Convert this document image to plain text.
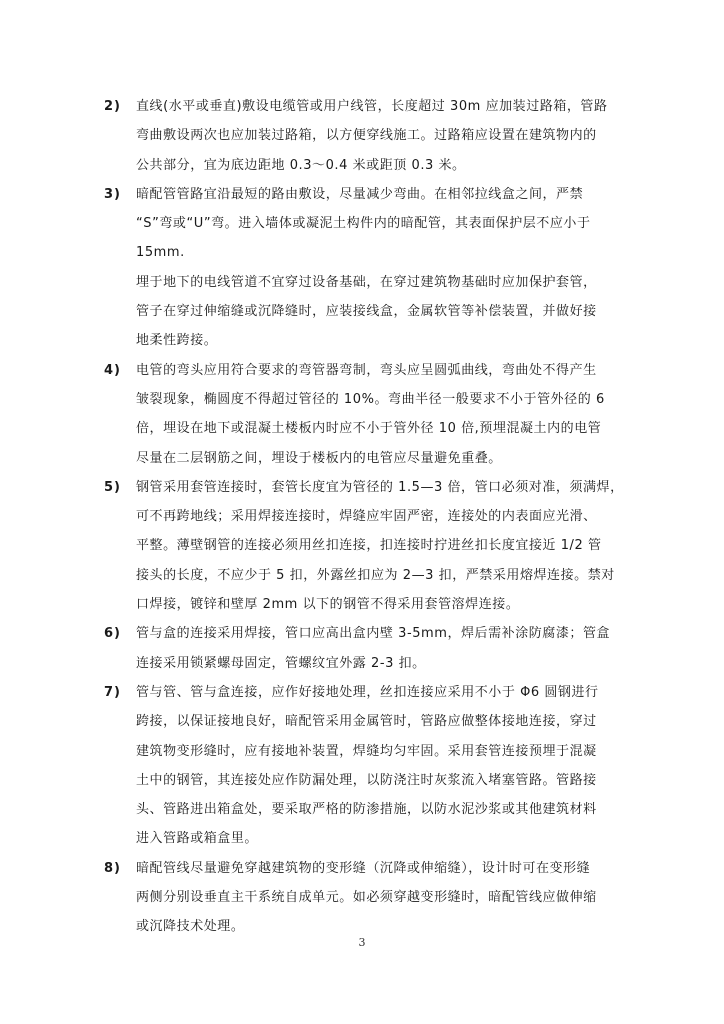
2)	直线(水平或垂直)敷设电缆管或用户线管，长度超过 30m 应加装过路箱，管路
弯曲敷设两次也应加装过路箱，以方便穿线施工。过路箱应设置在建筑物内的
公共部分，宜为底边距地 0.3～0.4 米或距顶 0.3 米。
3)	暗配管管路宜沿最短的路由敷设，尽量减少弯曲。在相邻拉线盒之间，严禁
“S”弯或“U”弯。进入墙体或凝泥土构件内的暗配管，其表面保护层不应小于
15mm.
埋于地下的电线管道不宜穿过设备基础，在穿过建筑物基础时应加保护套管，
管子在穿过伸缩缝或沉降缝时，应装接线盒，金属软管等补偿装置，并做好接
地柔性跨接。
4)	电管的弯头应用符合要求的弯管器弯制，弯头应呈圆弧曲线，弯曲处不得产生
皱裂现象，椭圆度不得超过管径的 10%。弯曲半径一般要求不小于管外径的 6
倍，埋设在地下或混凝土楼板内时应不小于管外径 10 倍,预埋混凝土内的电管
尽量在二层钢筋之间，埋设于楼板内的电管应尽量避免重叠。
5)	钢管采用套管连接时，套管长度宜为管径的 1.5—3 倍，管口必须对准，须满焊，
可不再跨地线；采用焊接连接时，焊缝应牢固严密，连接处的内表面应光滑、
平整。薄壁钢管的连接必须用丝扣连接，扣连接时拧进丝扣长度宜接近 1/2 管
接头的长度，不应少于 5 扣，外露丝扣应为 2—3 扣，严禁采用熔焊连接。禁对
口焊接，镀锌和壁厚 2mm 以下的钢管不得采用套管溶焊连接。
6)	管与盒的连接采用焊接，管口应高出盒内壁 3-5mm，焊后需补涂防腐漆；管盒
连接采用锁紧螺母固定，管螺纹宜外露 2-3 扣。
7)	管与管、管与盒连接，应作好接地处理，丝扣连接应采用不小于 Φ6 圆钢进行
跨接，以保证接地良好，暗配管采用金属管时，管路应做整体接地连接，穿过
建筑物变形缝时，应有接地补装置，焊缝均匀牢固。采用套管连接预埋于混凝
土中的钢管，其连接处应作防漏处理，以防浇注时灰浆流入堵塞管路。管路接
头、管路进出箱盒处，要采取严格的防渗措施，以防水泥沙浆或其他建筑材料
进入管路或箱盒里。
8)	暗配管线尽量避免穿越建筑物的变形缝（沉降或伸缩缝），设计时可在变形缝
两侧分别设垂直主干系统自成单元。如必须穿越变形缝时，暗配管线应做伸缩
或沉降技术处理。
3
